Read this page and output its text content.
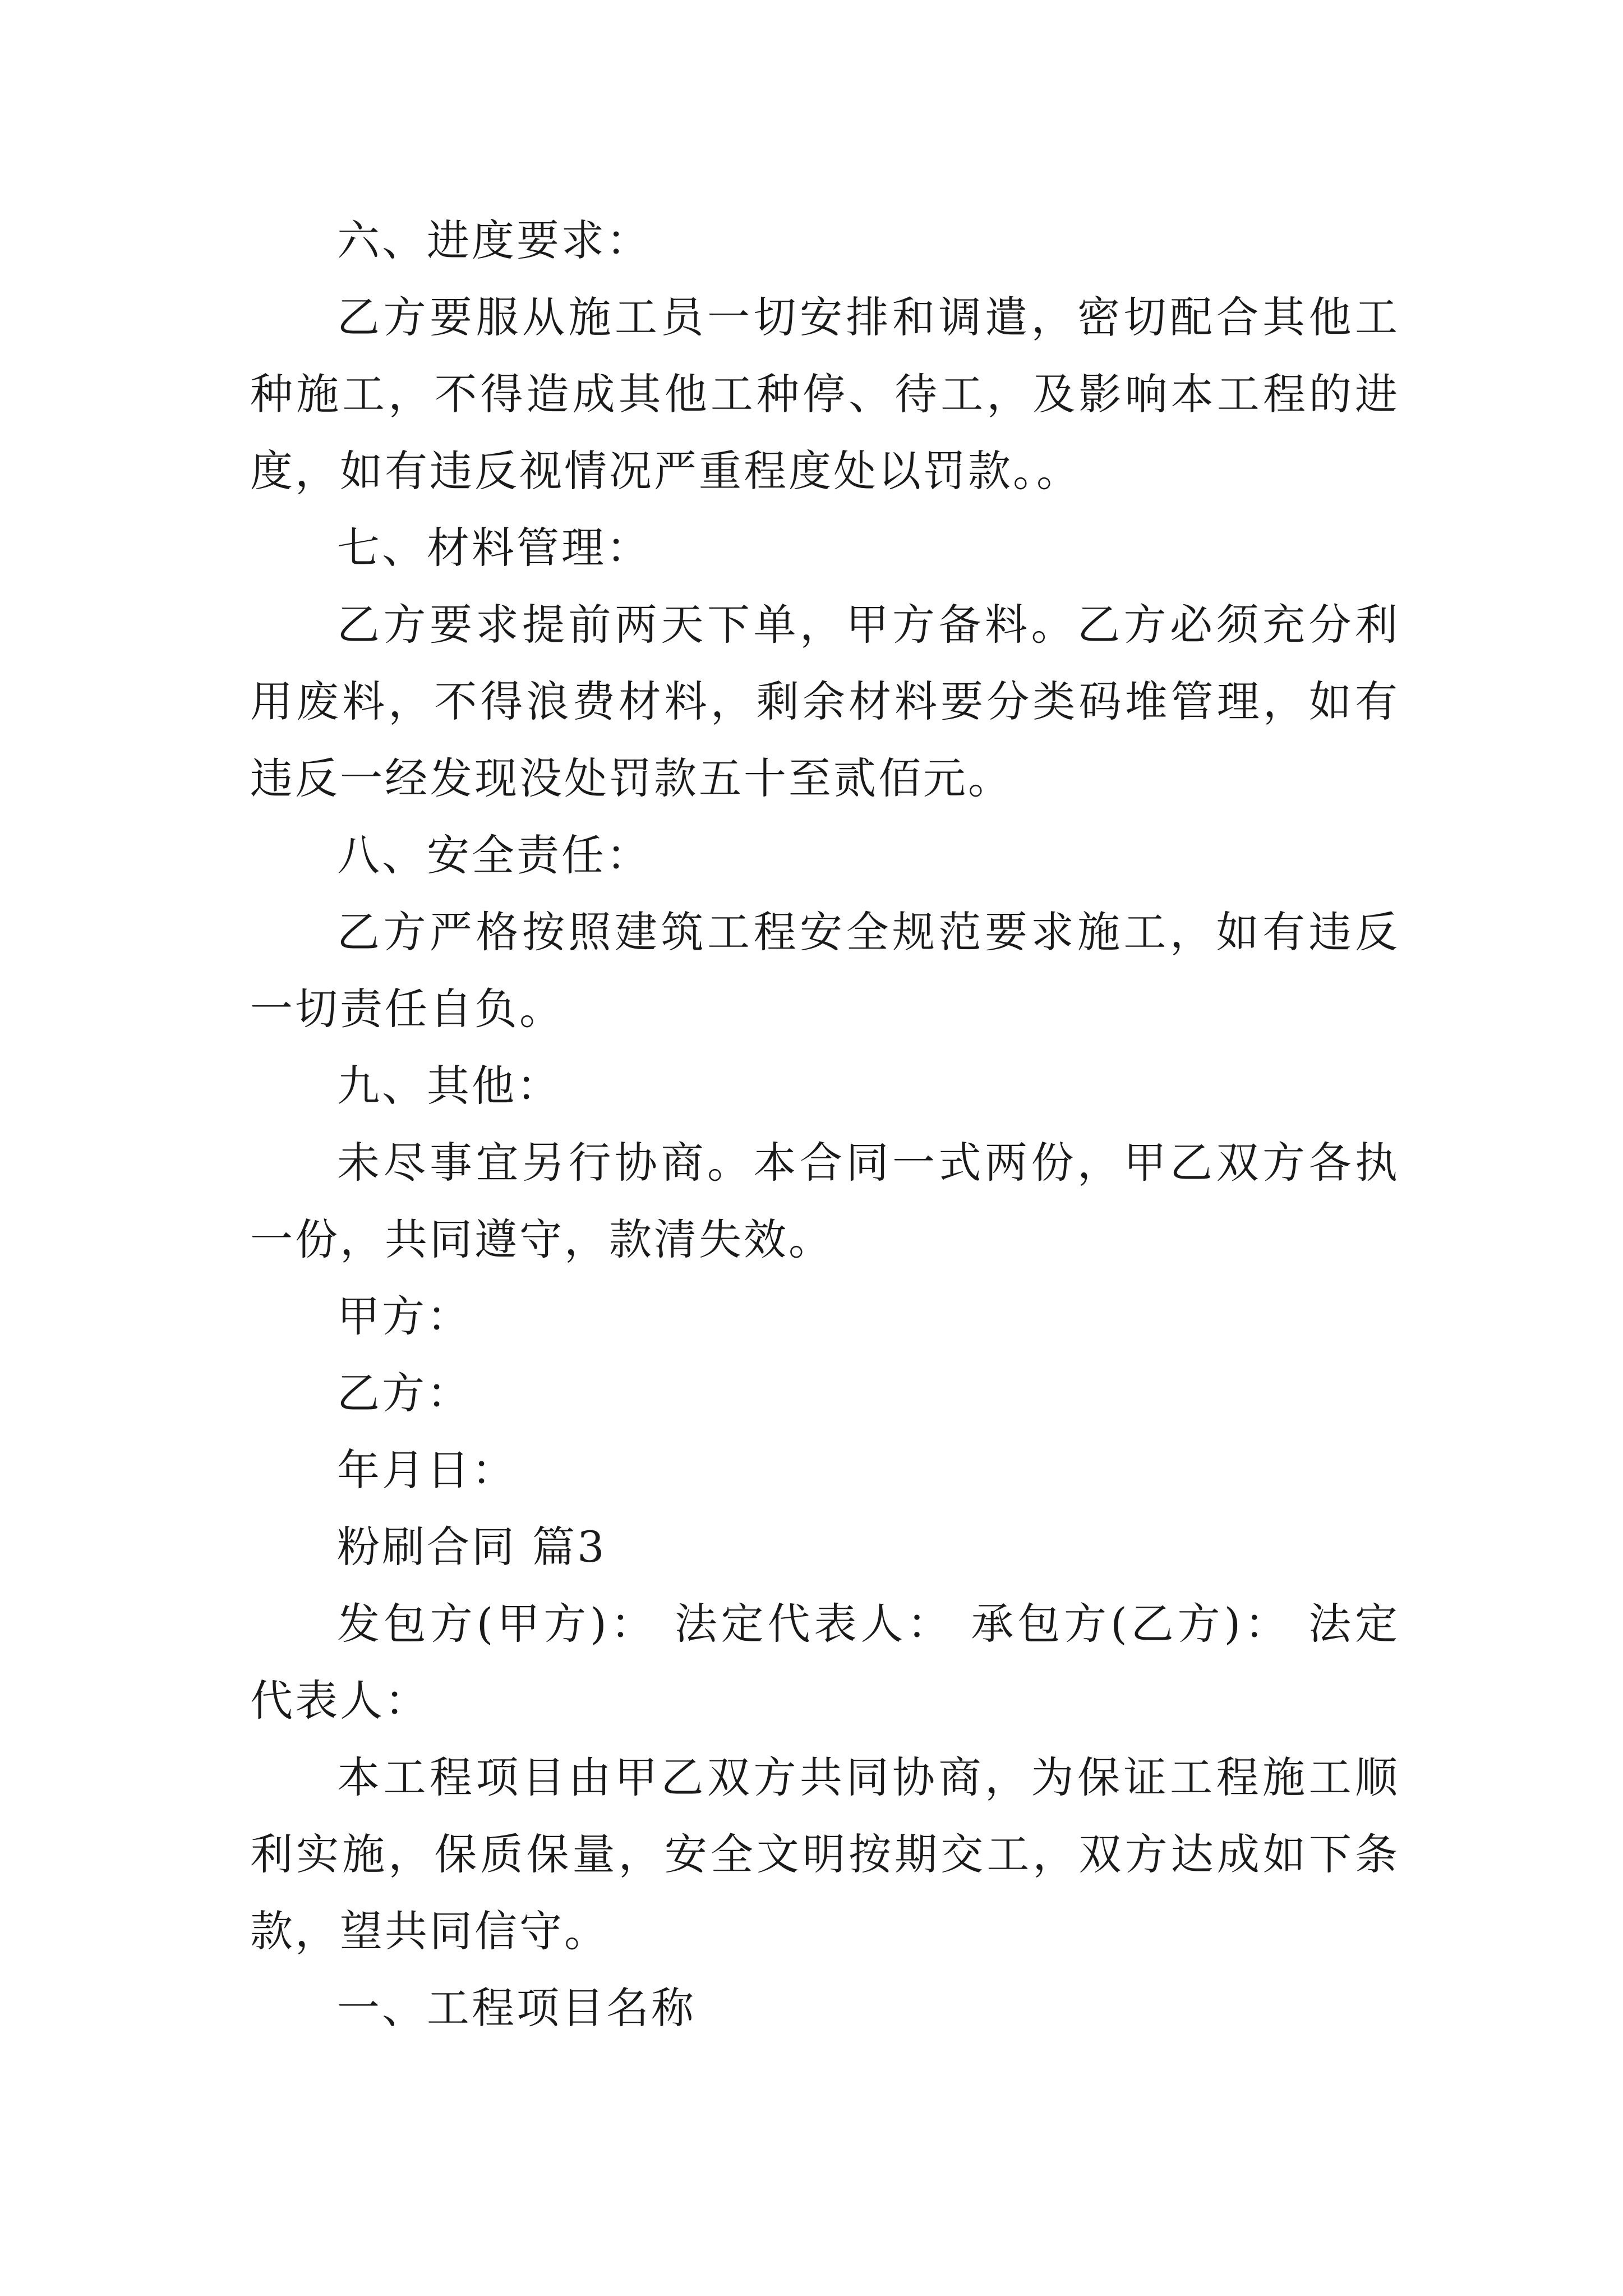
六、进度要求：

乙方要服从施工员一切安排和调遣，密切配合其他工种施工，不得造成其他工种停、待工，及影响本工程的进度，如有违反视情况严重程度处以罚款。。

七、材料管理：

乙方要求提前两天下单，甲方备料。乙方必须充分利用废料，不得浪费材料，剩余材料要分类码堆管理，如有违反一经发现没处罚款五十至贰佰元。

八、安全责任：

乙方严格按照建筑工程安全规范要求施工，如有违反一切责任自负。

九、其他：

未尽事宜另行协商。本合同一式两份，甲乙双方各执一份，共同遵守，款清失效。

甲方：

乙方：

年月日：

粉刷合同 篇3

发包方(甲方)： 法定代表人： 承包方(乙方)： 法定代表人：

本工程项目由甲乙双方共同协商，为保证工程施工顺利实施，保质保量，安全文明按期交工，双方达成如下条款，望共同信守。

一、工程项目名称
